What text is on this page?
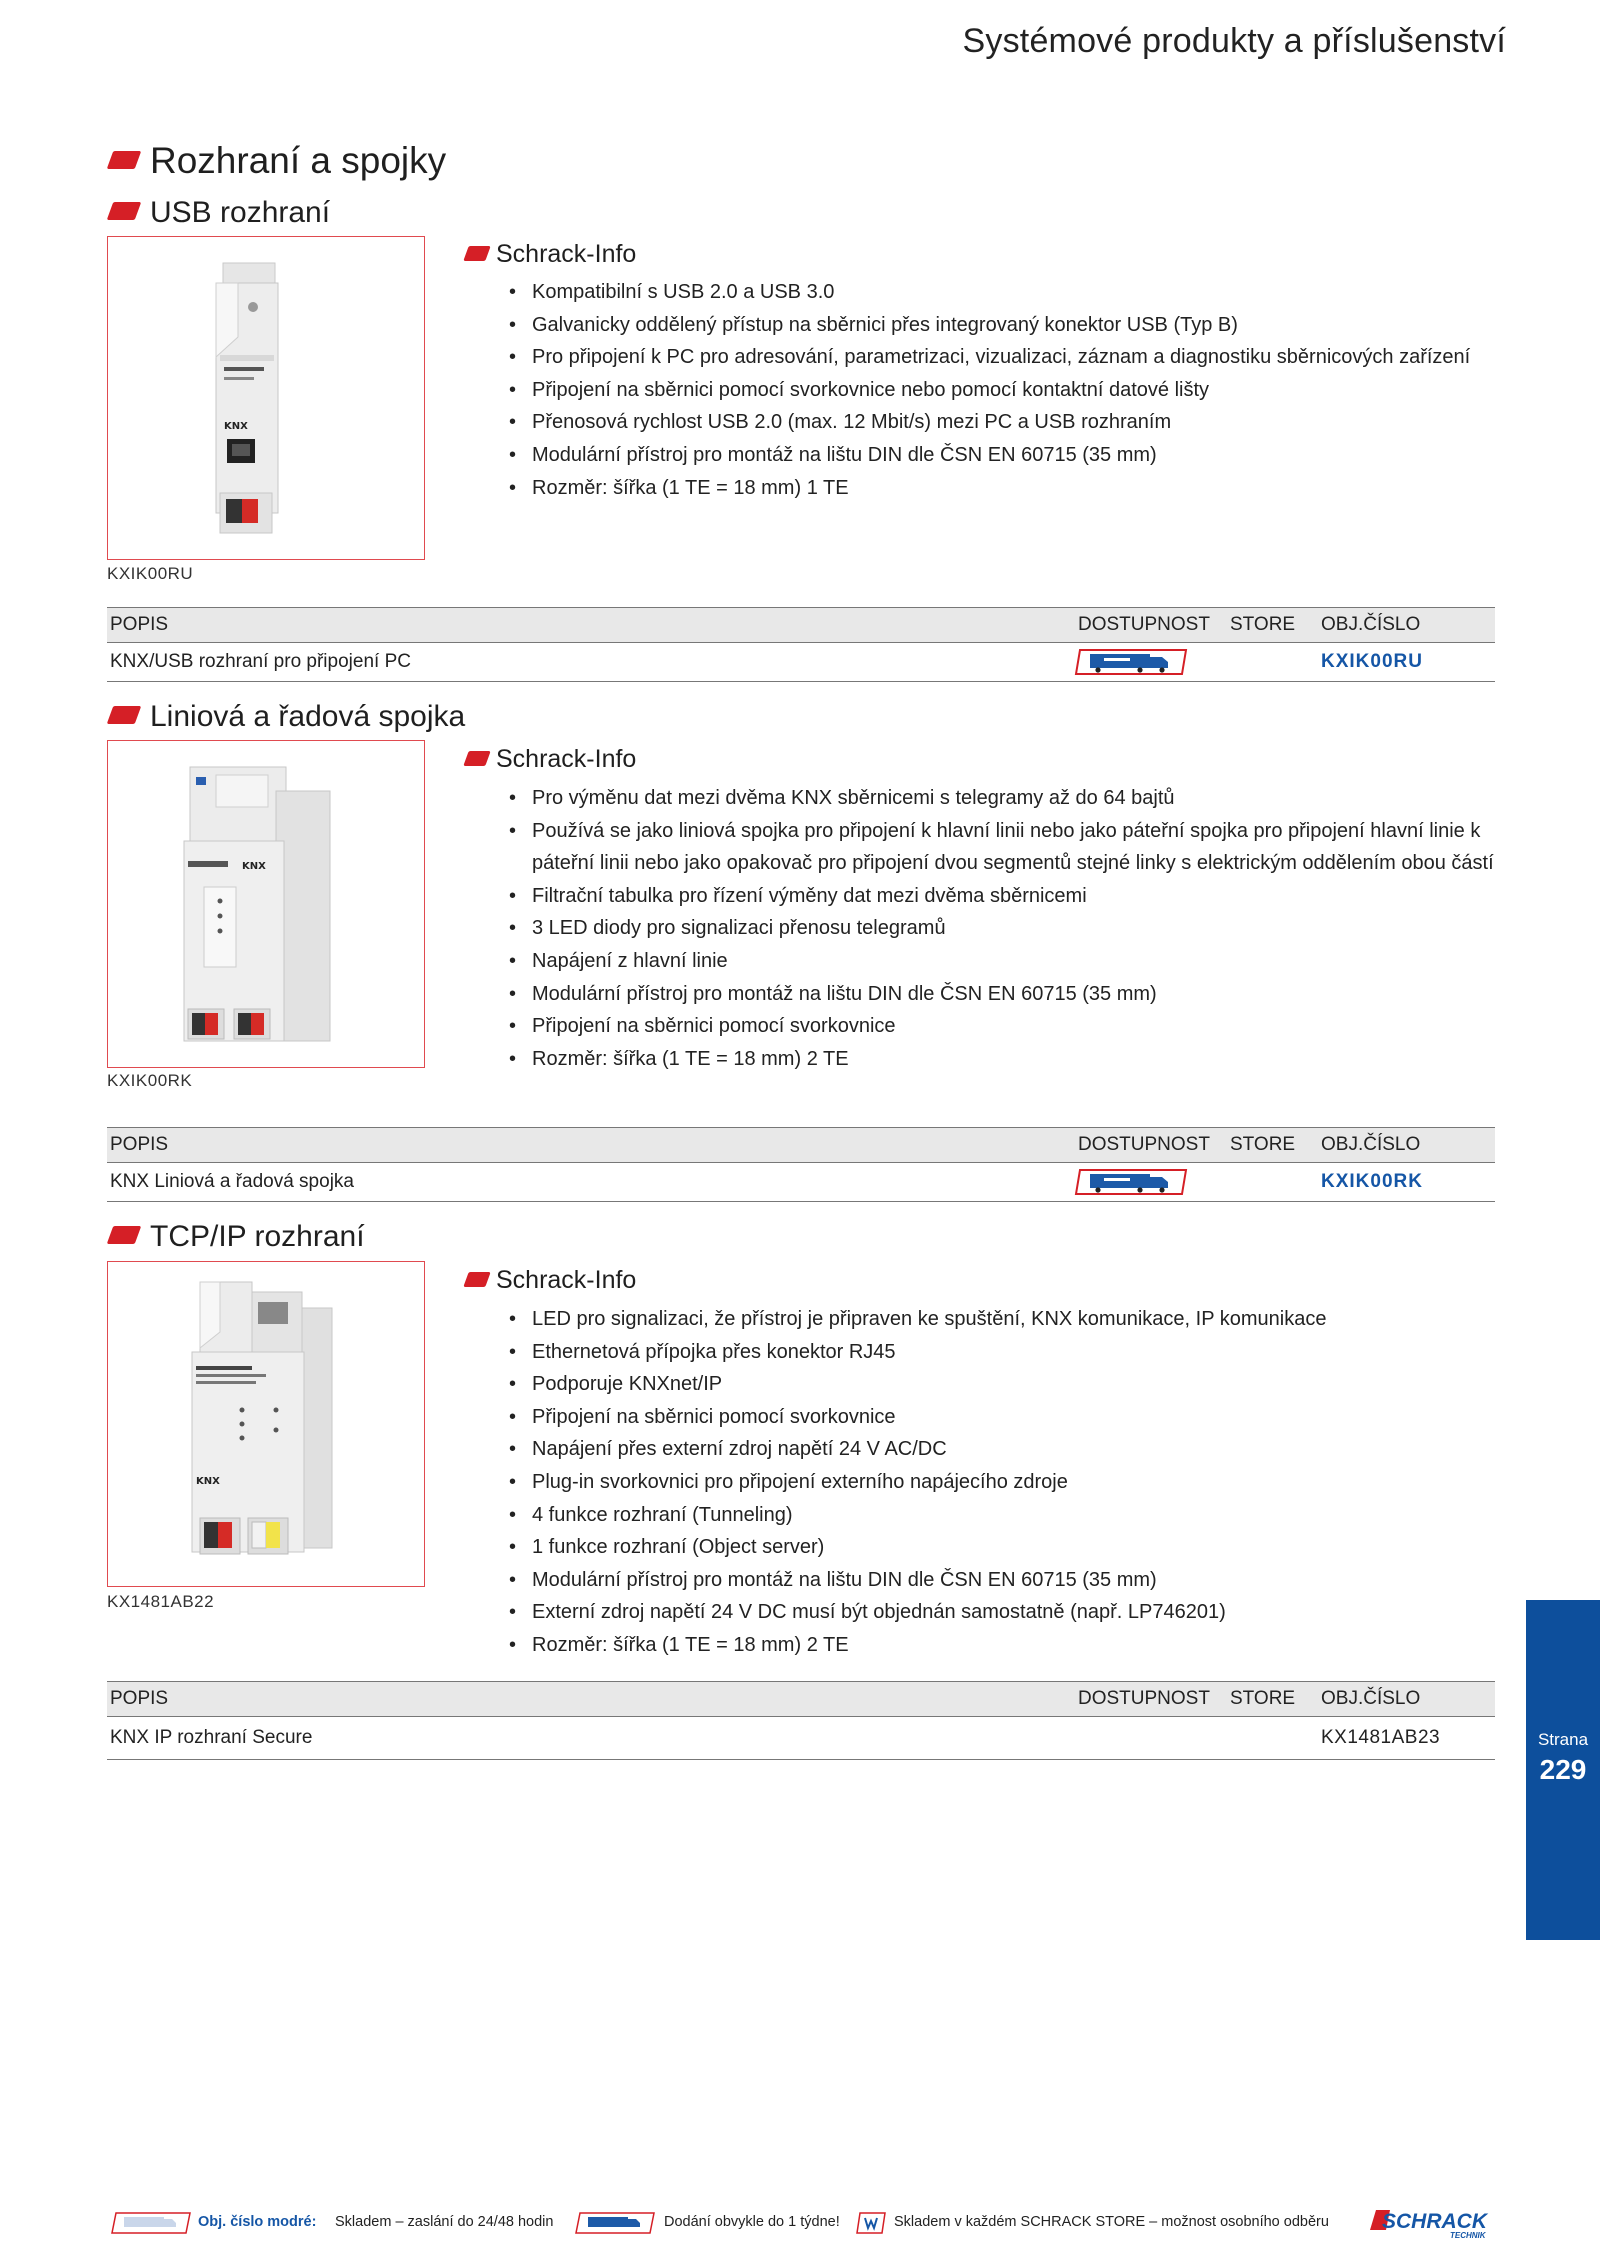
Systémové produkty a příslušenství
Rozhraní a spojky
USB rozhraní
KNX
KXIK00RU
Schrack-Info
• Kompatibilní s USB 2.0 a USB 3.0
• Galvanicky oddělený přístup na sběrnici přes integrovaný konektor USB (Typ B)
• Pro připojení k PC pro adresování, parametrizaci, vizualizaci, záznam a diagnostiku sběrnicových zařízení
• Připojení na sběrnici pomocí svorkovnice nebo pomocí kontaktní datové lišty
• Přenosová rychlost USB 2.0 (max. 12 Mbit/s) mezi PC a USB rozhraním
• Modulární přístroj pro montáž na lištu DIN dle ČSN EN 60715 (35 mm)
• Rozměr: šířka (1 TE = 18 mm) 1 TE
POPIS	DOSTUPNOST STORE OBJ.ČÍSLO
KNX/USB rozhraní pro připojení PC	KXIK00RU
Liniová a řadová spojka
KNX
KXIK00RK
Schrack-Info
• Pro výměnu dat mezi dvěma KNX sběrnicemi s telegramy až do 64 bajtů
• Používá se jako liniová spojka pro připojení k hlavní linii nebo jako páteřní spojka pro připojení hlavní linie k páteřní linii nebo jako opakovač pro připojení dvou segmentů stejné linky s elektrickým oddělením obou částí
• Filtrační tabulka pro řízení výměny dat mezi dvěma sběrnicemi
• 3 LED diody pro signalizaci přenosu telegramů
• Napájení z hlavní linie
• Modulární přístroj pro montáž na lištu DIN dle ČSN EN 60715 (35 mm)
• Připojení na sběrnici pomocí svorkovnice
• Rozměr: šířka (1 TE = 18 mm) 2 TE
POPIS	DOSTUPNOST STORE OBJ.ČÍSLO
KNX Liniová a řadová spojka	KXIK00RK
TCP/IP rozhraní
KNX
KX1481AB22
Schrack-Info
• LED pro signalizaci, že přístroj je připraven ke spuštění, KNX komunikace, IP komunikace
• Ethernetová přípojka přes konektor RJ45
• Podporuje KNXnet/IP
• Připojení na sběrnici pomocí svorkovnice
• Napájení přes externí zdroj napětí 24 V AC/DC
• Plug-in svorkovnici pro připojení externího napájecího zdroje
• 4 funkce rozhraní (Tunneling)
• 1 funkce rozhraní (Object server)
• Modulární přístroj pro montáž na lištu DIN dle ČSN EN 60715 (35 mm)
• Externí zdroj napětí 24 V DC musí být objednán samostatně (např. LP746201)
• Rozměr: šířka (1 TE = 18 mm) 2 TE
POPIS	DOSTUPNOST STORE OBJ.ČÍSLO
KNX IP rozhraní Secure	KX1481AB23	Strana
229
Obj. číslo modré: Skladem – zaslání do 24/48 hodin	Dodání obvykle do 1 týdne!	Skladem v každém SCHRACK STORE – možnost osobního odběru	SCHRACK
TECHNIK
